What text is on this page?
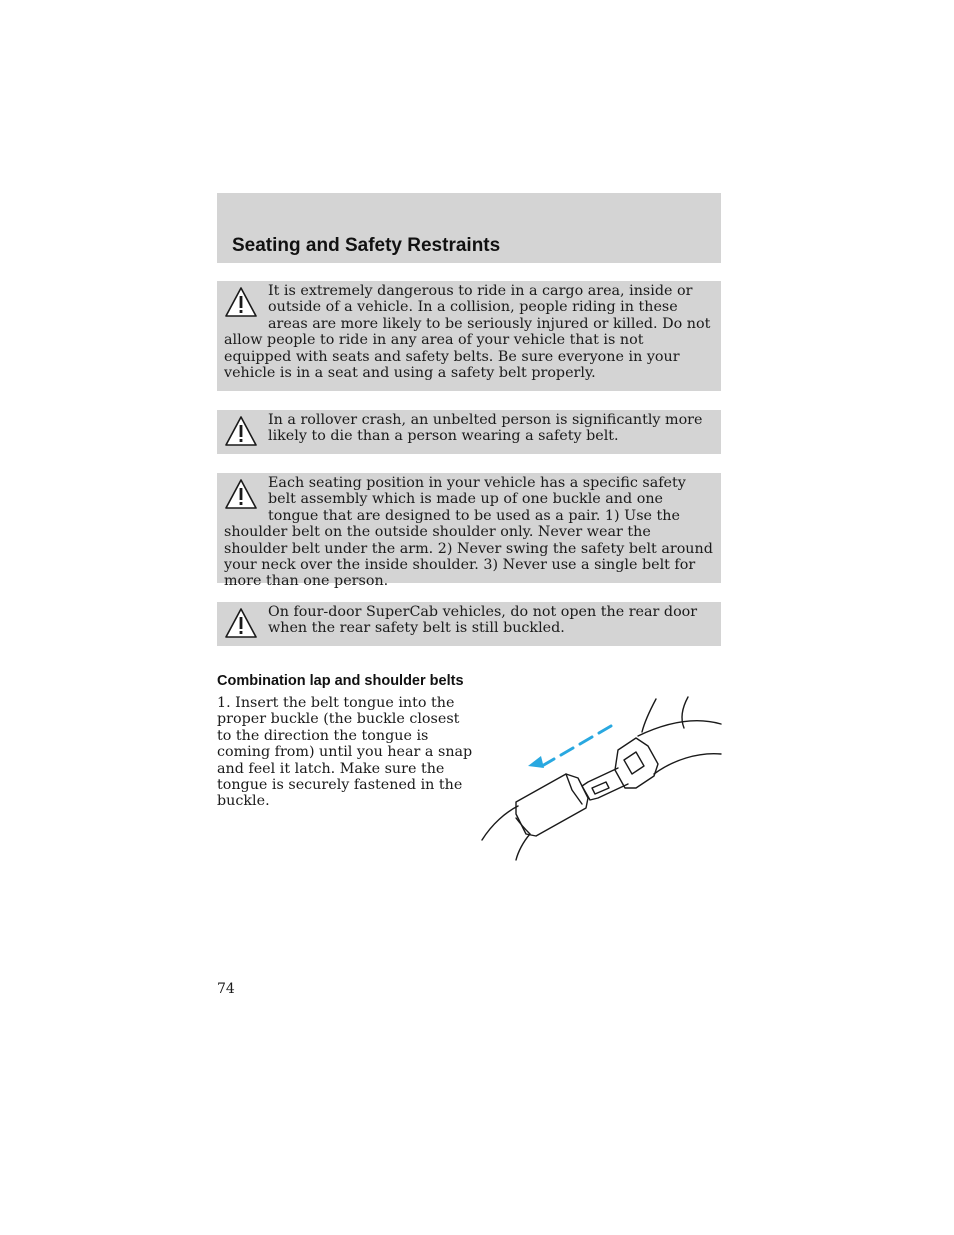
Seating and Safety Restraints

It is extremely dangerous to ride in a cargo area, inside or outside of a vehicle. In a collision, people riding in these areas are more likely to be seriously injured or killed. Do not allow people to ride in any area of your vehicle that is not equipped with seats and safety belts. Be sure everyone in your vehicle is in a seat and using a safety belt properly.

In a rollover crash, an unbelted person is significantly more likely to die than a person wearing a safety belt.

Each seating position in your vehicle has a specific safety belt assembly which is made up of one buckle and one tongue that are designed to be used as a pair. 1) Use the shoulder belt on the outside shoulder only. Never wear the shoulder belt under the arm. 2) Never swing the safety belt around your neck over the inside shoulder. 3) Never use a single belt for more than one person.

On four-door SuperCab vehicles, do not open the rear door when the rear safety belt is still buckled.

Combination lap and shoulder belts

1. Insert the belt tongue into the proper buckle (the buckle closest to the direction the tongue is coming from) until you hear a snap and feel it latch. Make sure the tongue is securely fastened in the buckle.

74
